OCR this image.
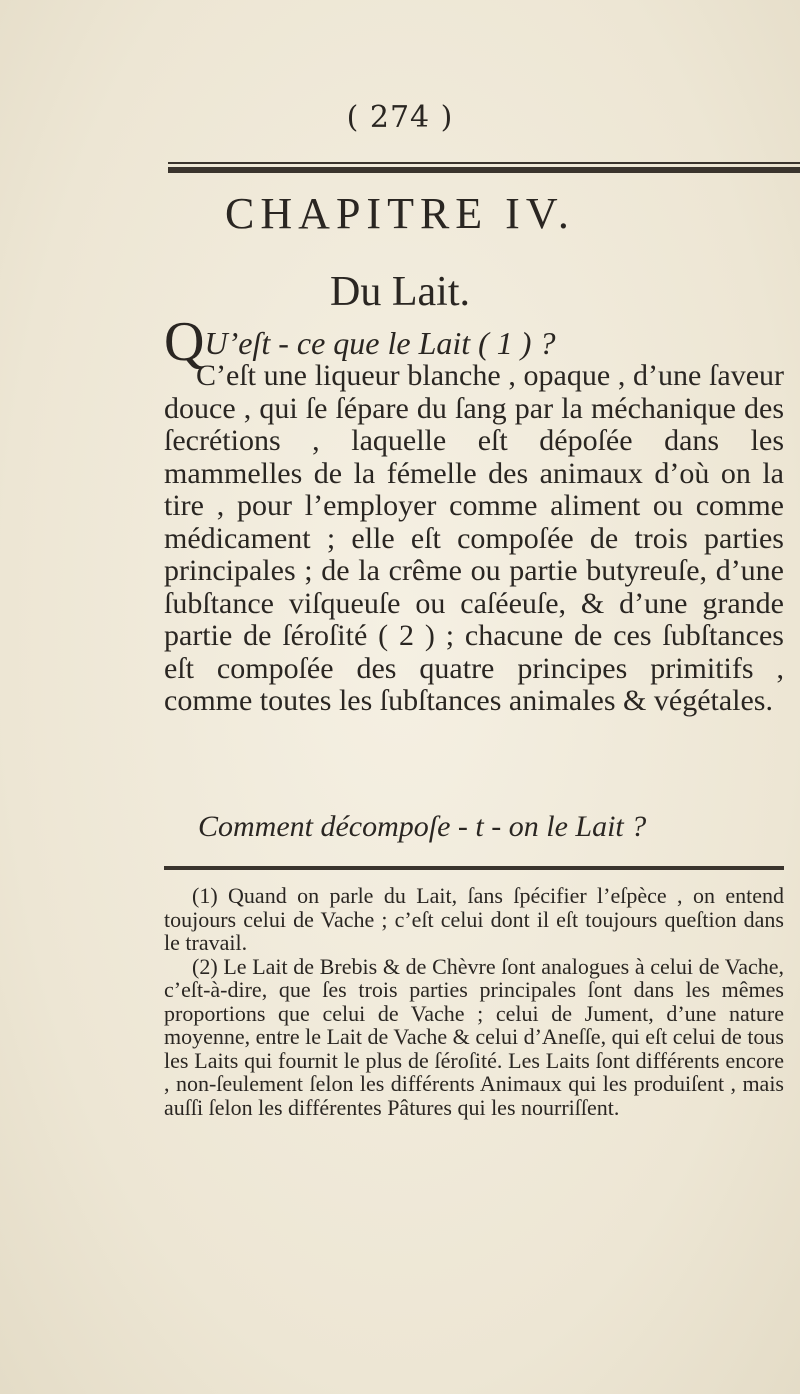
( 274 )
CHAPITRE IV.
Du Lait.
QU’eſt - ce que le Lait ( 1 ) ?

C’eſt une liqueur blanche , opaque , d’une ſaveur douce , qui ſe ſépare du ſang par la méchanique des ſecrétions , laquelle eſt dépoſée dans les mammelles de la fémelle des animaux d’où on la tire , pour l’employer comme aliment ou comme médicament ; elle eſt compoſée de trois parties principales ; de la crême ou partie butyreuſe, d’une ſubſtance viſqueuſe ou caſéeuſe, & d’une grande partie de ſéroſité ( 2 ) ; chacune de ces ſubſtances eſt compoſée des quatre principes primitifs , comme toutes les ſubſtances animales & végétales.

Comment décompoſe - t - on le Lait ?

(1) Quand on parle du Lait, ſans ſpécifier l’eſpèce , on entend toujours celui de Vache ; c’eſt celui dont il eſt toujours queſtion dans le travail.

(2) Le Lait de Brebis & de Chèvre ſont analogues à celui de Vache, c’eſt-à-dire, que ſes trois parties principales ſont dans les mêmes proportions que celui de Vache ; celui de Jument, d’une nature moyenne, entre le Lait de Vache & celui d’Aneſſe, qui eſt celui de tous les Laits qui fournit le plus de ſéroſité. Les Laits ſont différents encore , non-ſeulement ſelon les différents Animaux qui les produiſent , mais auſſi ſelon les différentes Pâtures qui les nourriſſent.
